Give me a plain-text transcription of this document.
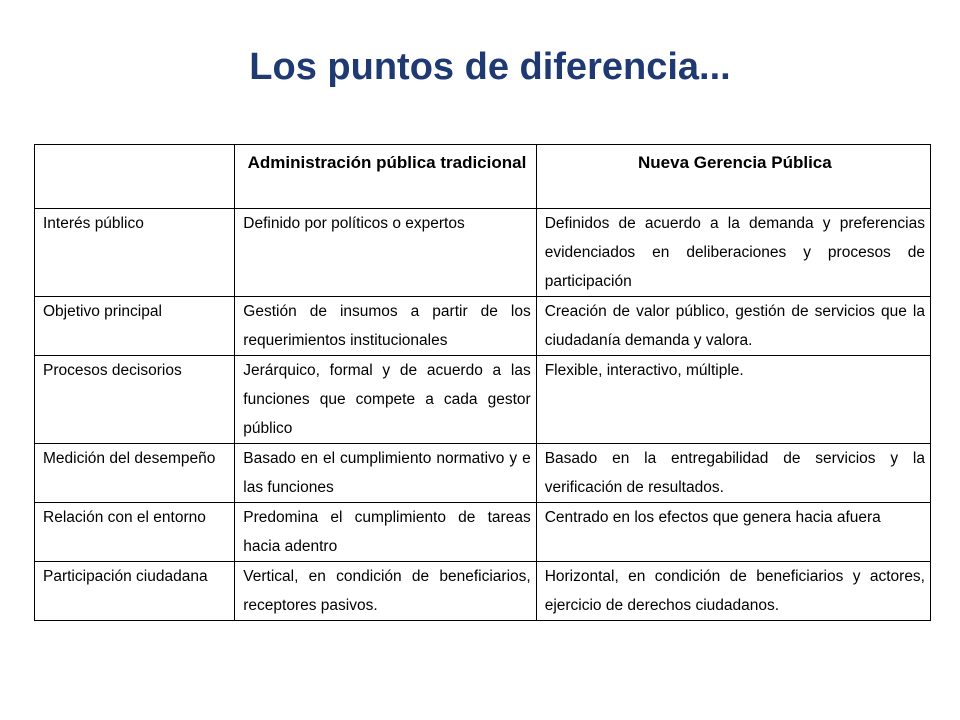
Los puntos de diferencia...
	Administración pública tradicional	Nueva Gerencia Pública
Interés público	Definido por políticos o expertos	Definidos de acuerdo a la demanda y preferencias evidenciados en deliberaciones y procesos de participación
Objetivo principal	Gestión de insumos a partir de los requerimientos institucionales	Creación de valor público, gestión de servicios que la ciudadanía demanda y valora.
Procesos decisorios	Jerárquico, formal y de acuerdo a las funciones que compete a cada gestor público	Flexible, interactivo, múltiple.
Medición del desempeño	Basado en el cumplimiento normativo y e las funciones	Basado en la entregabilidad de servicios y la verificación de resultados.
Relación con el entorno	Predomina el cumplimiento de tareas hacia adentro	Centrado en los efectos que genera hacia afuera
Participación ciudadana	Vertical, en condición de beneficiarios, receptores pasivos.	Horizontal, en condición de beneficiarios y actores, ejercicio de derechos ciudadanos.
